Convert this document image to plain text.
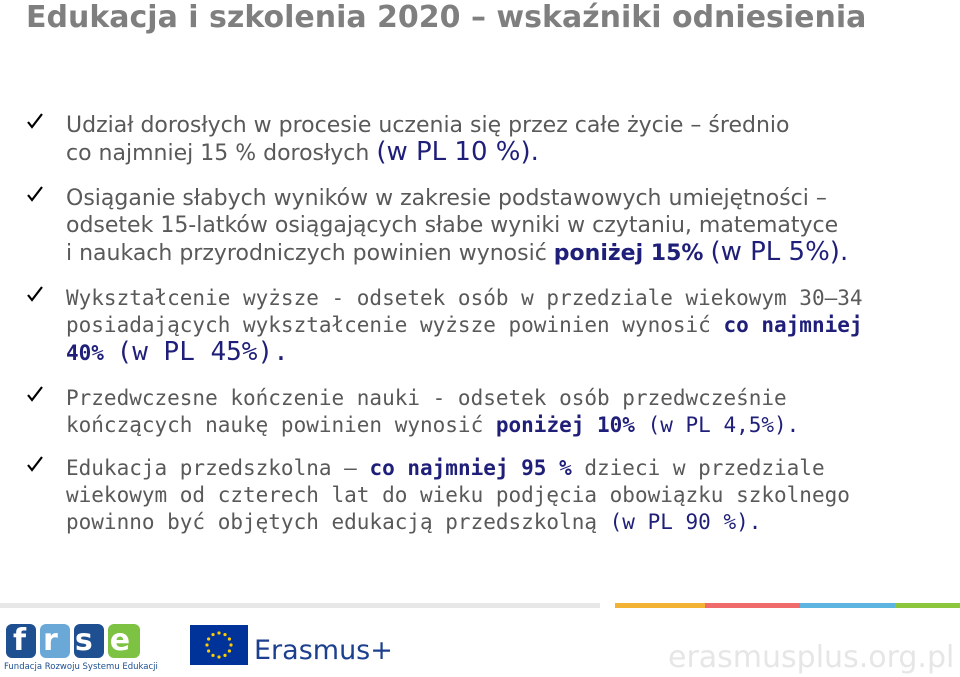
Edukacja i szkolenia 2020 – wskaźniki odniesienia
Udział dorosłych w procesie uczenia się przez całe życie – średnio
co najmniej 15 % dorosłych (w PL 10 %).
Osiąganie słabych wyników w zakresie podstawowych umiejętności –
odsetek 15-latków osiągających słabe wyniki w czytaniu, matematyce
i naukach przyrodniczych powinien wynosić poniżej 15% (w PL 5%).
Wykształcenie wyższe - odsetek osób w przedziale wiekowym 30–34
posiadających wykształcenie wyższe powinien wynosić co najmniej
40% (w PL 45%).
Przedwczesne kończenie nauki - odsetek osób przedwcześnie
kończących naukę powinien wynosić poniżej 10% (w PL 4,5%).
Edukacja przedszkolna – co najmniej 95 % dzieci w przedziale
wiekowym od czterech lat do wieku podjęcia obowiązku szkolnego
powinno być objętych edukacją przedszkolną (w PL 90 %).
frse
Fundacja Rozwoju Systemu Edukacji
Erasmus+	erasmusplus.org.pl
